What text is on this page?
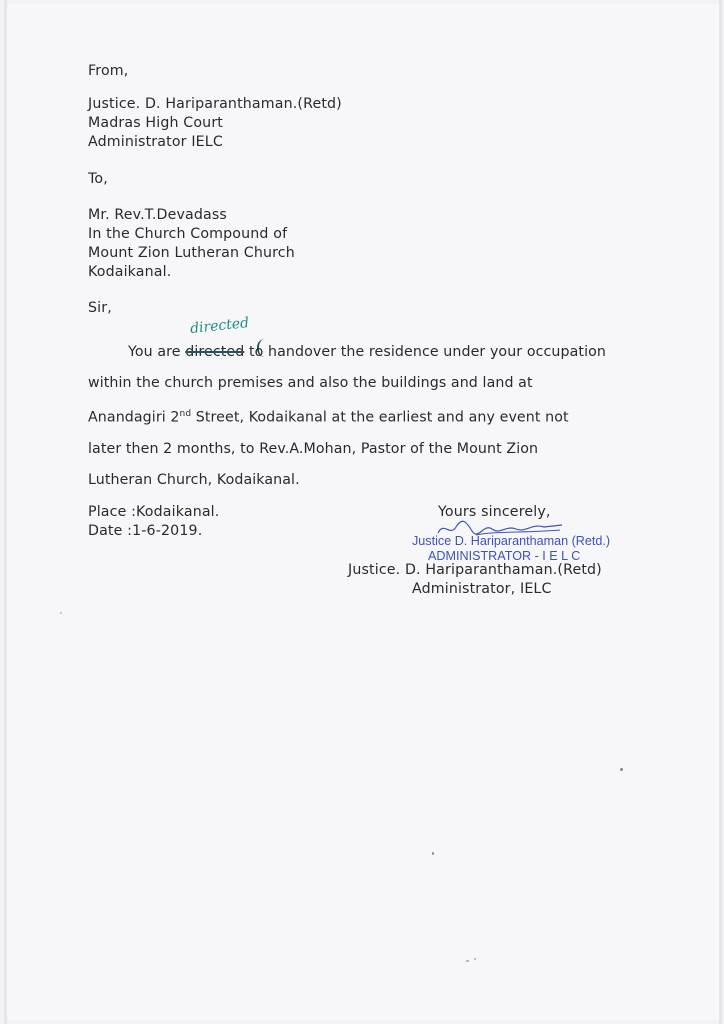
From,
Justice. D. Hariparanthaman.(Retd)
Madras High Court
Administrator IELC
To,
Mr. Rev.T.Devadass
In the Church Compound of
Mount Zion Lutheran Church
Kodaikanal.
Sir,
directed

You are directed to handover the residence under your occupation

within the church premises and also the buildings and land at

Anandagiri 2nd Street, Kodaikanal at the earliest and any event not

later then 2 months, to Rev.A.Mohan, Pastor of the Mount Zion

Lutheran Church, Kodaikanal.

Place :Kodaikanal.
Date :1-6-2019.
Yours sincerely,
Justice D. Hariparanthaman (Retd.)
ADMINISTRATOR - I E L C
Justice. D. Hariparanthaman.(Retd)
Administrator, IELC
